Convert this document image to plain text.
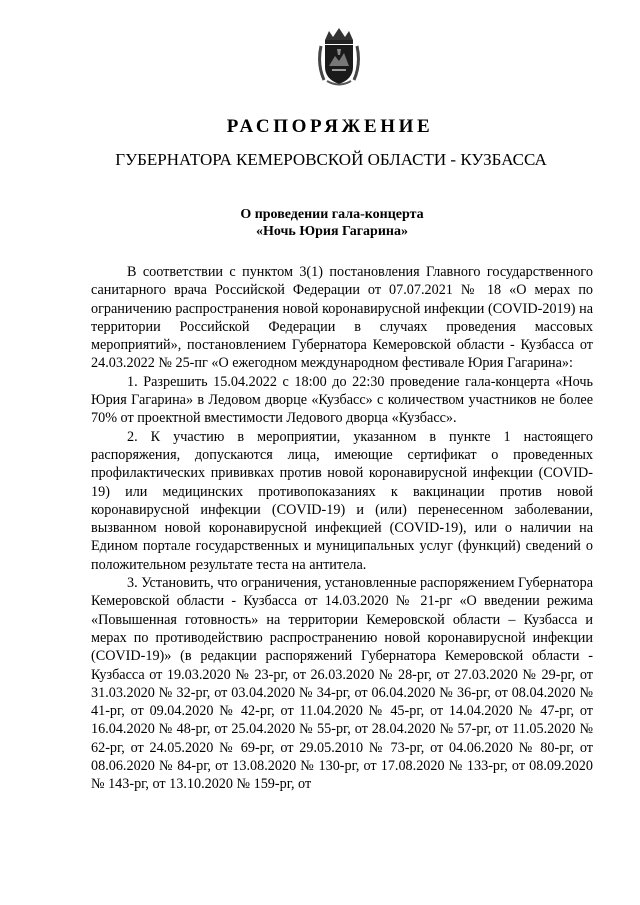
РАСПОРЯЖЕНИЕ
ГУБЕРНАТОРА КЕМЕРОВСКОЙ ОБЛАСТИ - КУЗБАССА
О проведении гала-концерта
«Ночь Юрия Гагарина»

В соответствии с пунктом 3(1) постановления Главного государственного санитарного врача Российской Федерации от 07.07.2021 № 18 «О мерах по ограничению распространения новой коронавирусной инфекции (COVID-2019) на территории Российской Федерации в случаях проведения массовых мероприятий», постановлением Губернатора Кемеровской области - Кузбасса от 24.03.2022 № 25-пг «О ежегодном международном фестивале Юрия Гагарина»:

1. Разрешить 15.04.2022 с 18:00 до 22:30 проведение гала-концерта «Ночь Юрия Гагарина» в Ледовом дворце «Кузбасс» с количеством участников не более 70% от проектной вместимости Ледового дворца «Кузбасс».

2. К участию в мероприятии, указанном в пункте 1 настоящего распоряжения, допускаются лица, имеющие сертификат о проведенных профилактических прививках против новой коронавирусной инфекции (COVID-19) или медицинских противопоказаниях к вакцинации против новой коронавирусной инфекции (COVID-19) и (или) перенесенном заболевании, вызванном новой коронавирусной инфекцией (COVID-19), или о наличии на Едином портале государственных и муниципальных услуг (функций) сведений о положительном результате теста на антитела.

3. Установить, что ограничения, установленные распоряжением Губернатора Кемеровской области - Кузбасса от 14.03.2020 № 21-рг «О введении режима «Повышенная готовность» на территории Кемеровской области – Кузбасса и мерах по противодействию распространению новой коронавирусной инфекции (COVID-19)» (в редакции распоряжений Губернатора Кемеровской области - Кузбасса от 19.03.2020 № 23-рг, от 26.03.2020 № 28-рг, от 27.03.2020 № 29-рг, от 31.03.2020 № 32-рг, от 03.04.2020 № 34-рг, от 06.04.2020 № 36-рг, от 08.04.2020 № 41-рг, от 09.04.2020 № 42-рг, от 11.04.2020 № 45-рг, от 14.04.2020 № 47-рг, от 16.04.2020 № 48-рг, от 25.04.2020 № 55-рг, от 28.04.2020 № 57-рг, от 11.05.2020 № 62-рг, от 24.05.2020 № 69-рг, от 29.05.2010 № 73-рг, от 04.06.2020 № 80-рг, от 08.06.2020 № 84-рг, от 13.08.2020 № 130-рг, от 17.08.2020 № 133-рг, от 08.09.2020 № 143-рг, от 13.10.2020 № 159-рг, от
